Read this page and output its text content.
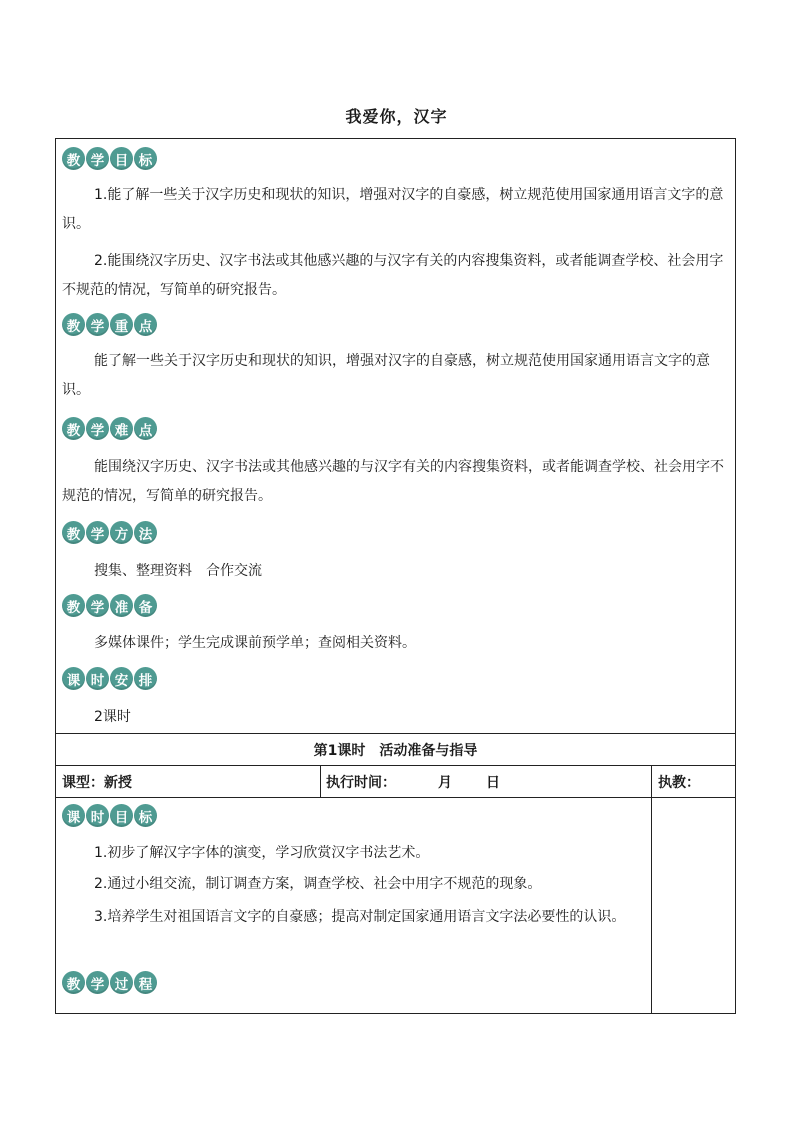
我爱你，汉字
教 学 目 标
1.能了解一些关于汉字历史和现状的知识，增强对汉字的自豪感，树立规范使用国家通用语言文字的意识。
2.能围绕汉字历史、汉字书法或其他感兴趣的与汉字有关的内容搜集资料，或者能调查学校、社会用字不规范的情况，写简单的研究报告。
教 学 重 点
能了解一些关于汉字历史和现状的知识，增强对汉字的自豪感，树立规范使用国家通用语言文字的意识。
教 学 难 点
能围绕汉字历史、汉字书法或其他感兴趣的与汉字有关的内容搜集资料，或者能调查学校、社会用字不规范的情况，写简单的研究报告。
教 学 方 法
搜集、整理资料　合作交流
教 学 准 备
多媒体课件；学生完成课前预学单；查阅相关资料。
课 时 安 排
2课时
第1课时　活动准备与指导
课型：新授	执行时间：	月 日	执教：
课 时 目 标
1.初步了解汉字字体的演变，学习欣赏汉字书法艺术。
2.通过小组交流，制订调查方案，调查学校、社会中用字不规范的现象。
3.培养学生对祖国语言文字的自豪感；提高对制定国家通用语言文字法必要性的认识。
教 学 过 程
